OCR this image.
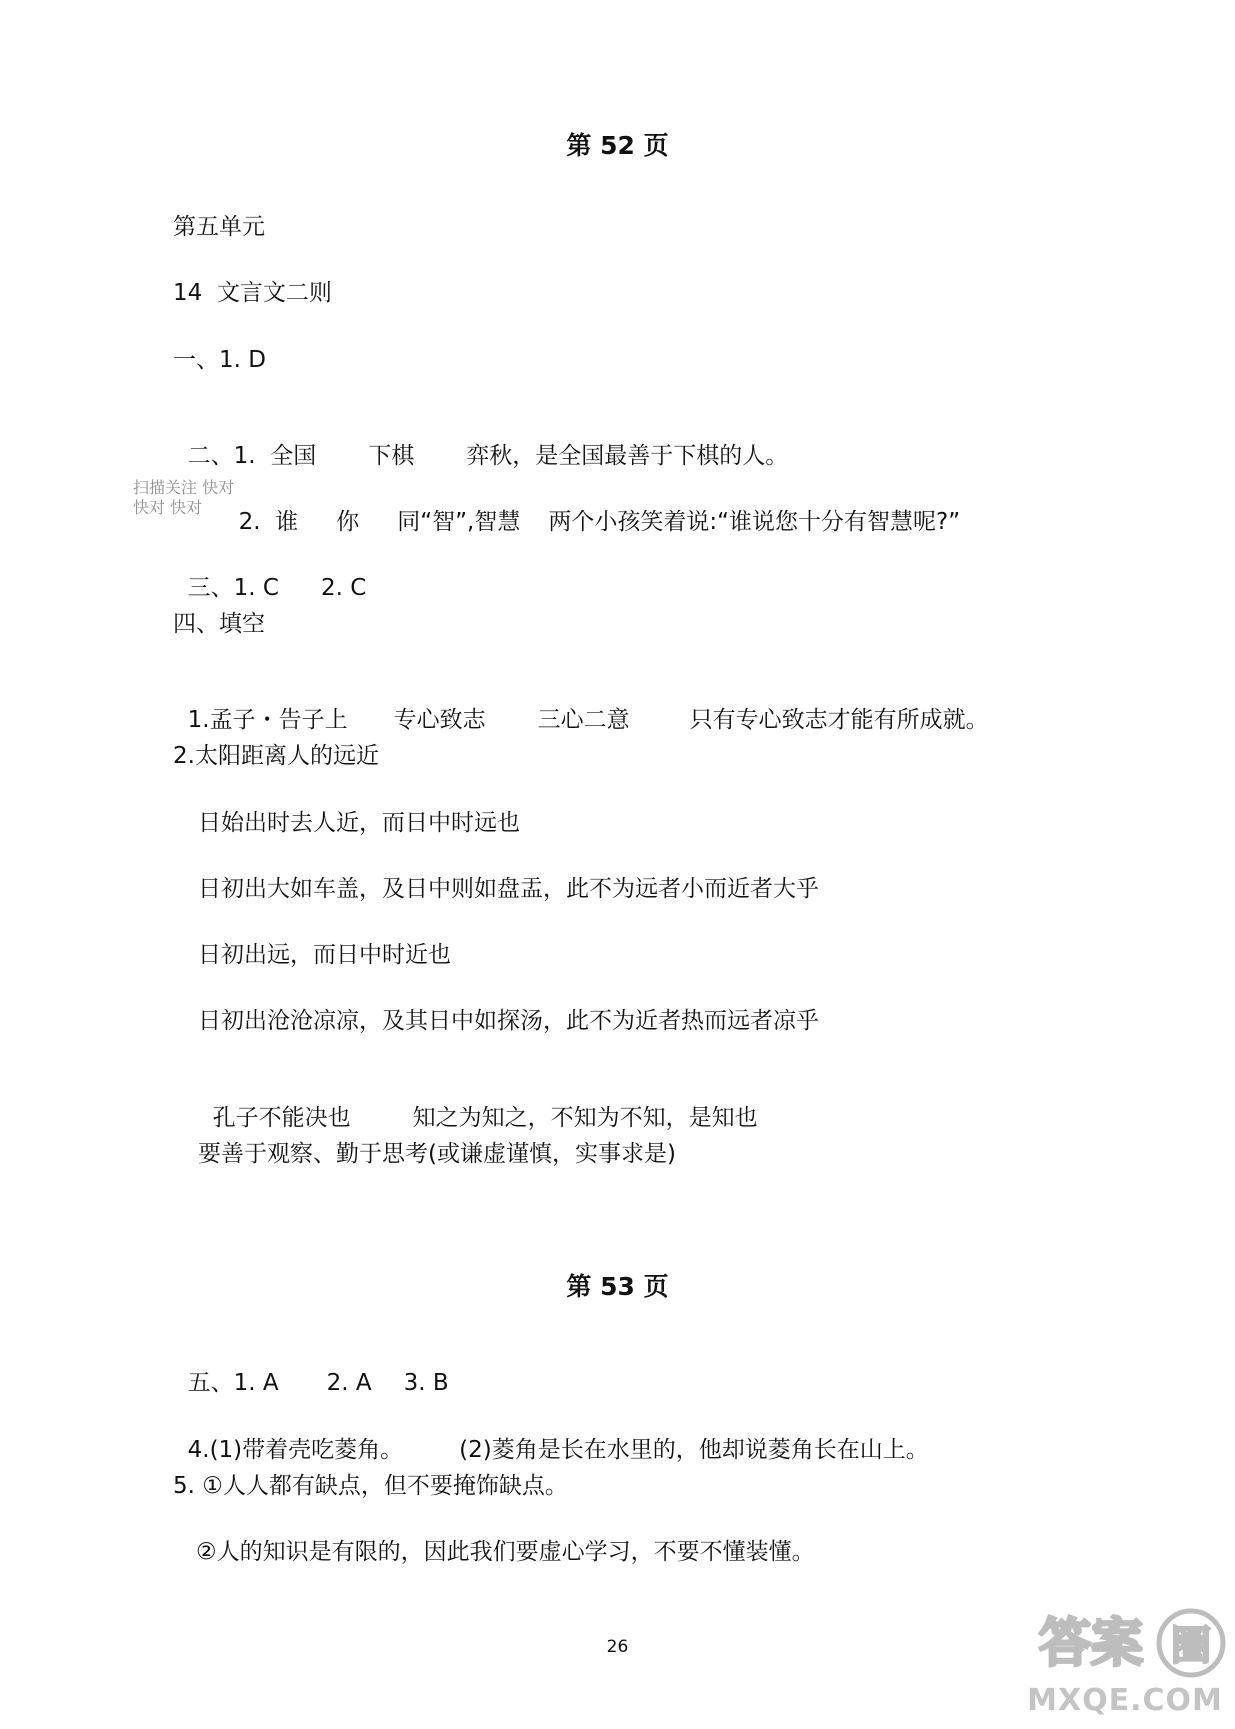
第 52 页
第五单元
14  文言文二则
一、1. D

二、1.  全国 下棋 弈秋，是全国最善于下棋的人。

扫描关注 快对
快对 快对

2.  谁 你 同“智”,智慧 两个小孩笑着说:“谁说您十分有智慧呢?”

三、1. C 2. C

四、填空

1.孟子・告子上 专心致志 三心二意	只有专心致志才能有所成就。

2.太阳距离人的远近
日始出时去人近，而日中时远也
日初出大如车盖，及日中则如盘盂，此不为远者小而近者大乎
日初出远，而日中时近也
日初出沧沧凉凉，及其日中如探汤，此不为近者热而远者凉乎

孔子不能决也	知之为知之，不知为不知，是知也

要善于观察、勤于思考(或谦虚谨慎，实事求是)
第 53 页

五、1. A 2. A 3. B

4.(1)带着壳吃菱角。 (2)菱角是长在水里的，他却说菱角长在山上。

5. ①人人都有缺点，但不要掩饰缺点。
②人的知识是有限的，因此我们要虚心学习，不要不懂装懂。
26	答案 圈
MXQE.COM
